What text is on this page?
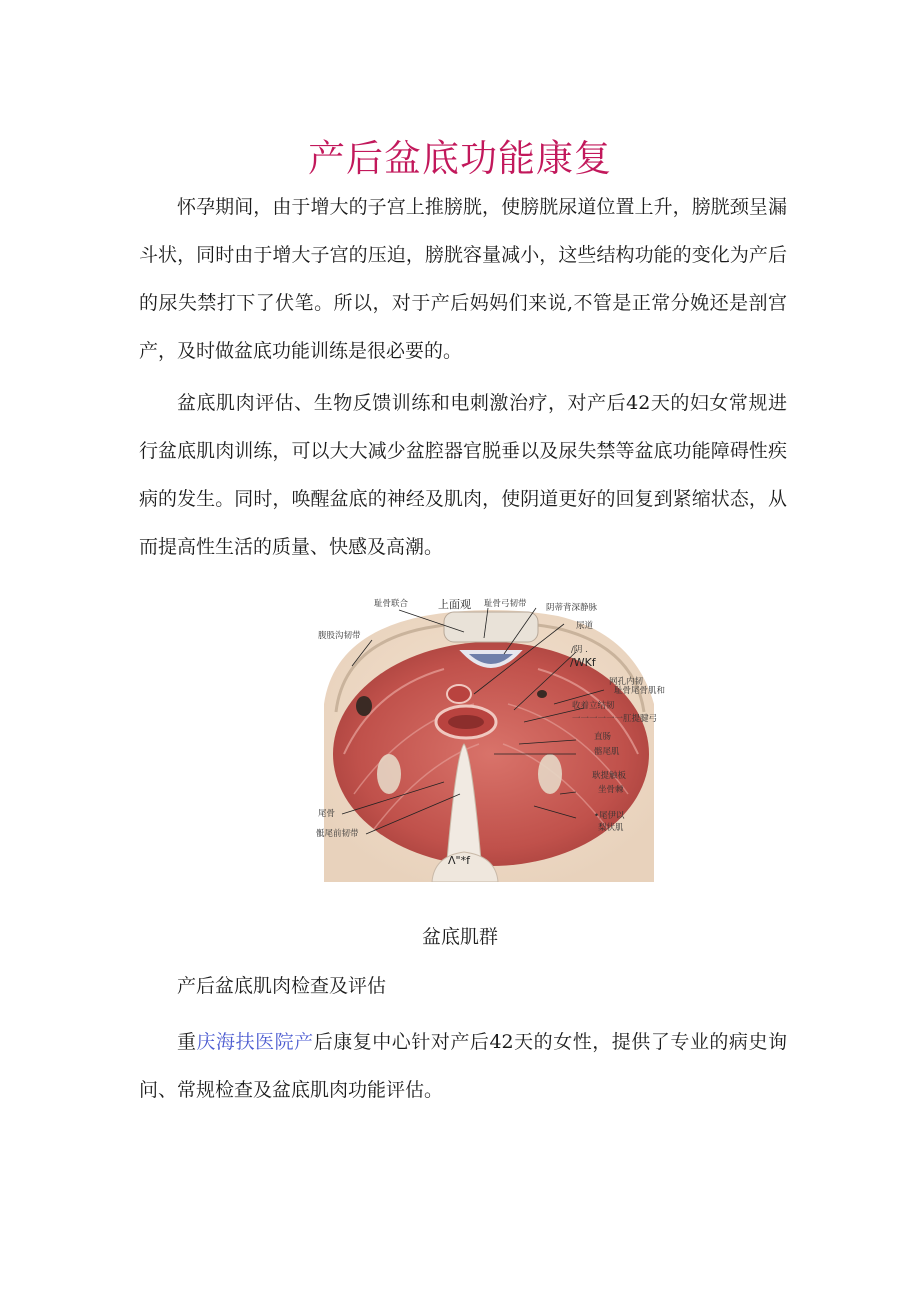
产后盆底功能康复

怀孕期间，由于增大的子宫上推膀胱，使膀胱尿道位置上升，膀胱颈呈漏斗状，同时由于增大子宫的压迫，膀胱容量减小，这些结构功能的变化为产后的尿失禁打下了伏笔。所以，对于产后妈妈们来说,不管是正常分娩还是剖宫产，及时做盆底功能训练是很必要的。

盆底肌肉评估、生物反馈训练和电刺激治疗，对产后42天的妇女常规进行盆底肌肉训练，可以大大减少盆腔器官脱垂以及尿失禁等盆底功能障碍性疾病的发生。同时，唤醒盆底的神经及肌肉，使阴道更好的回复到紧缩状态，从而提高性生活的质量、快感及高潮。

耻骨联合	上面观 耻骨弓韧带 阴蒂背深静脉
尿道
腹股沟韧带
/阴 .
/WKf
网孔内韧
耻骨尾骨肌和
收着立结韧
一一一一一一肛提腱弓
直肠
髂尾肌
耿提触板
坐骨棘
尾骨	•尾伊以
梨状肌
骶尾前韧带
Λ"*f

盆底肌群

产后盆底肌肉检查及评估

重庆海扶医院产后康复中心针对产后42天的女性，提供了专业的病史询问、常规检查及盆底肌肉功能评估。
